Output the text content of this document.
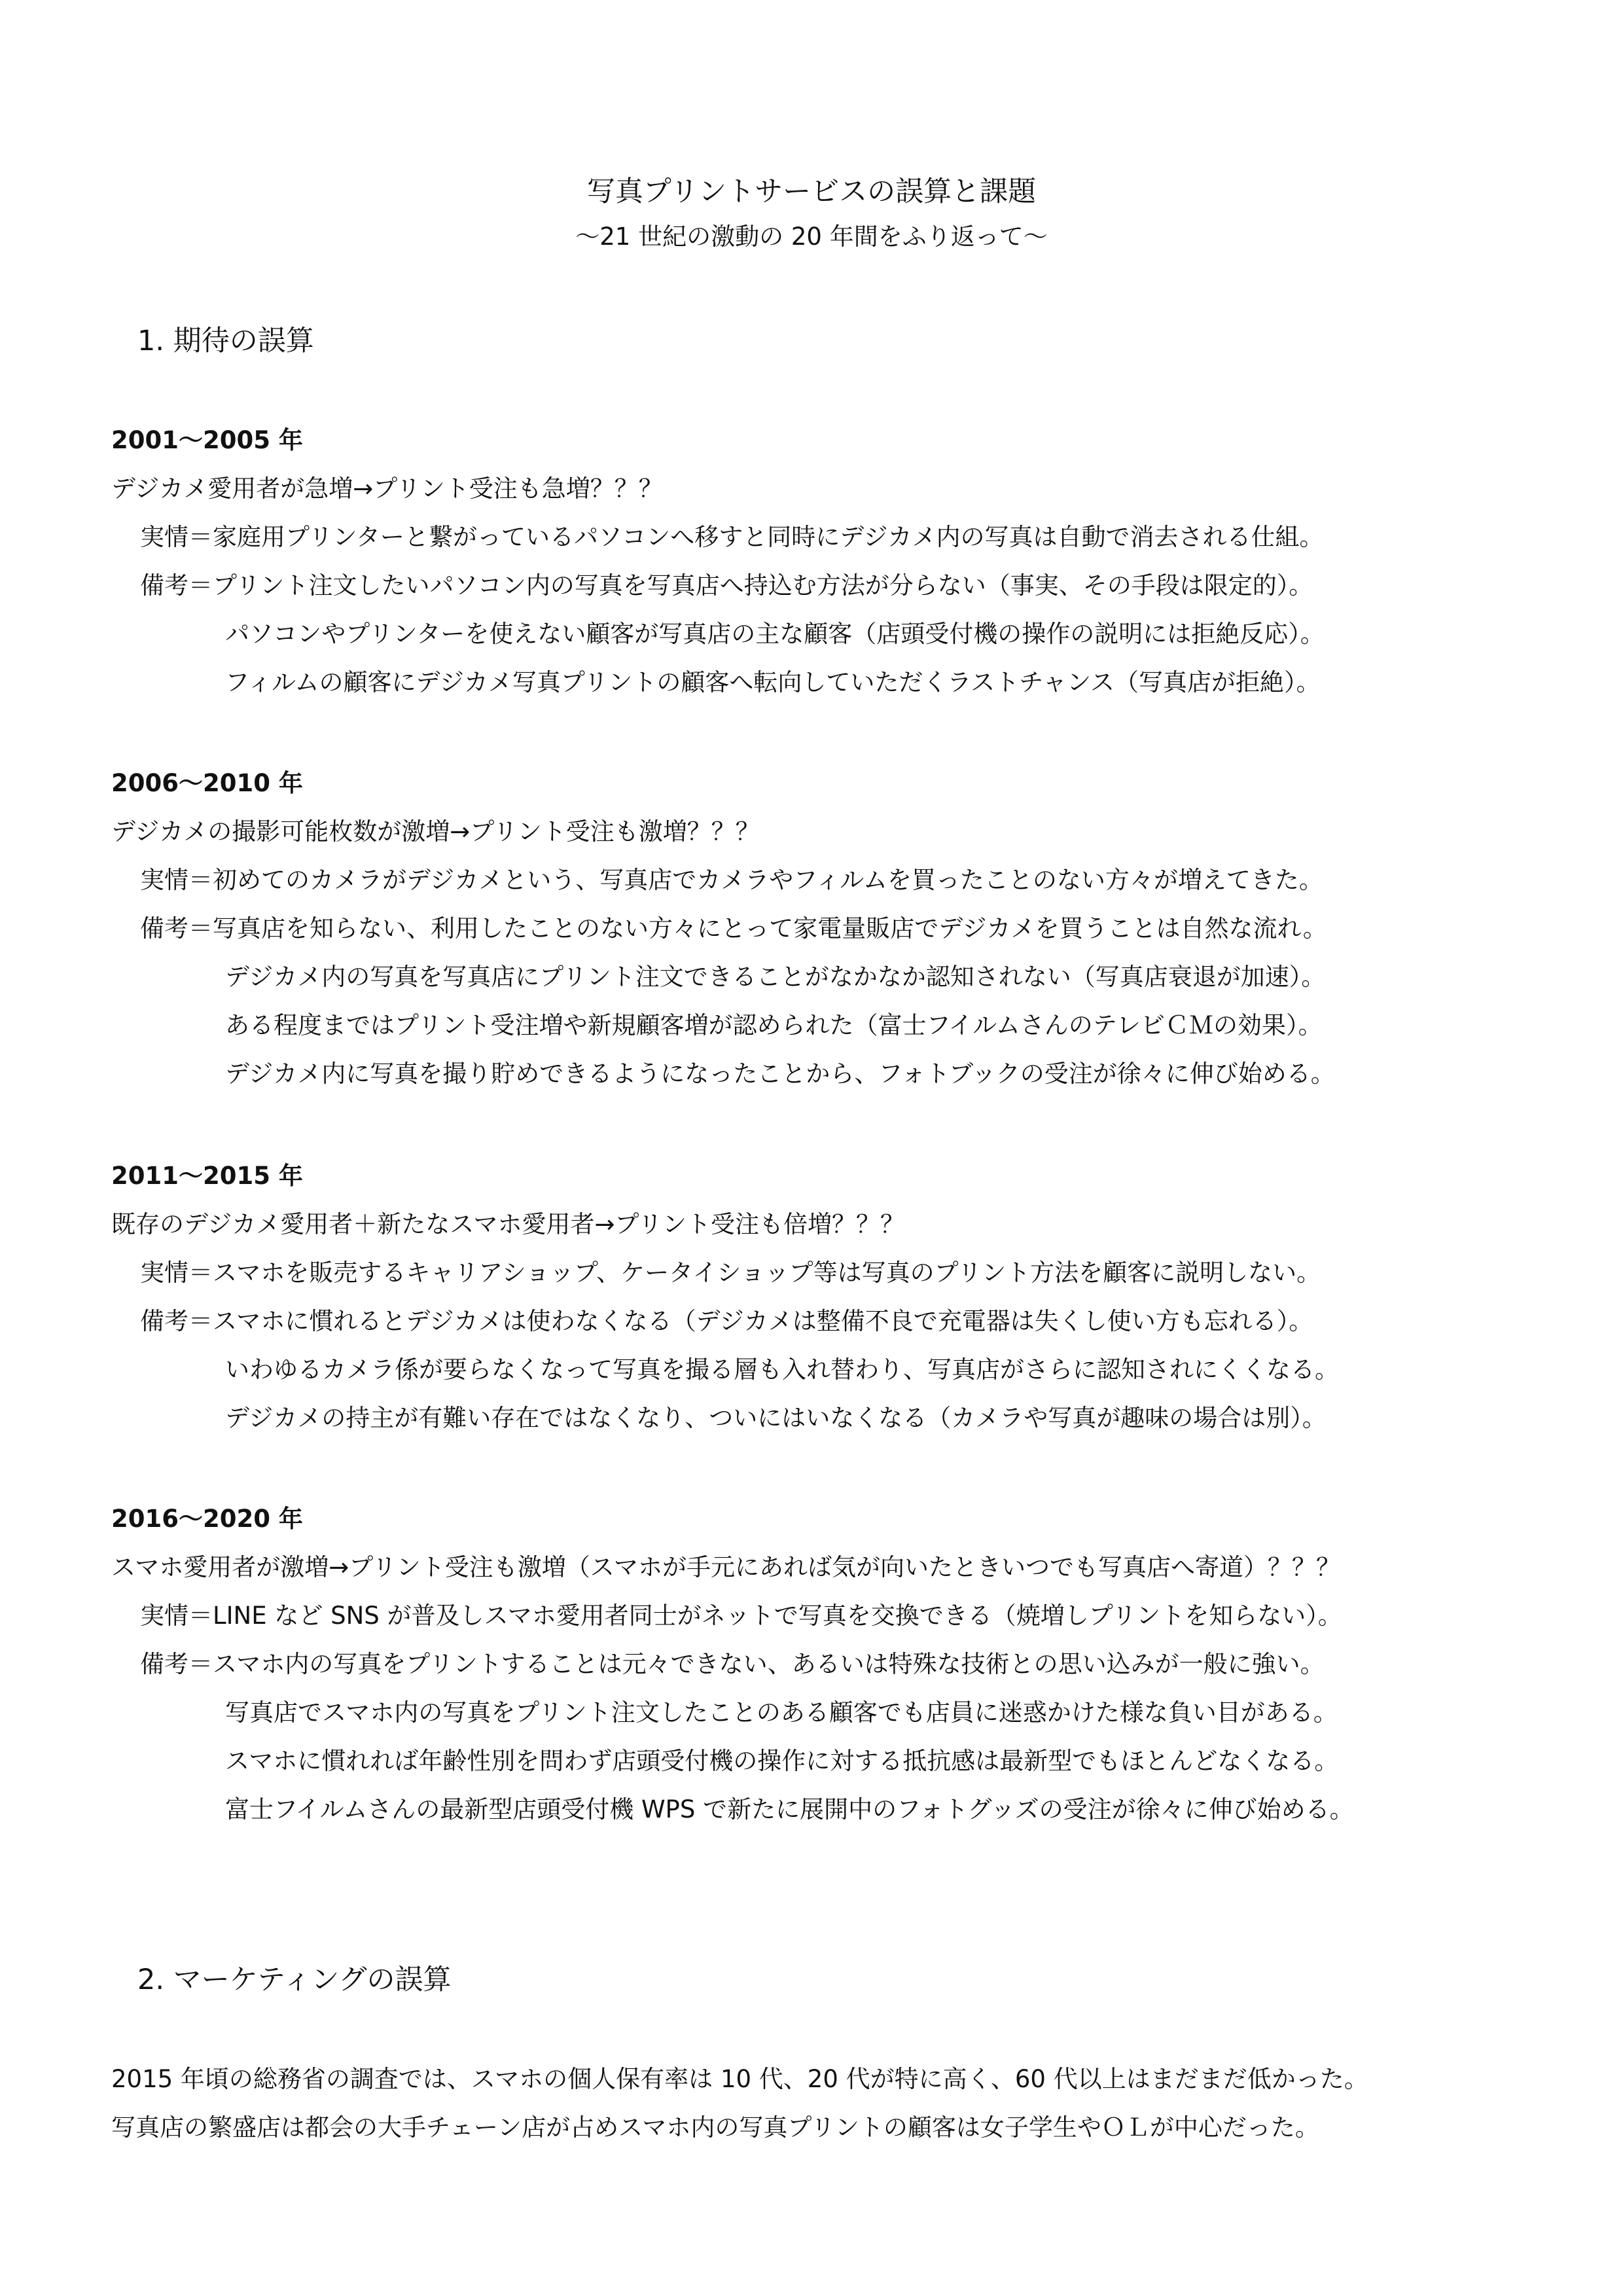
写真プリントサービスの誤算と課題
～21 世紀の激動の 20 年間をふり返って～
1. 期待の誤算
2001～2005 年
デジカメ愛用者が急増→プリント受注も急増？？？
実情＝家庭用プリンターと繋がっているパソコンへ移すと同時にデジカメ内の写真は自動で消去される仕組。
備考＝プリント注文したいパソコン内の写真を写真店へ持込む方法が分らない（事実、その手段は限定的）。
パソコンやプリンターを使えない顧客が写真店の主な顧客（店頭受付機の操作の説明には拒絶反応）。
フィルムの顧客にデジカメ写真プリントの顧客へ転向していただくラストチャンス（写真店が拒絶）。
2006～2010 年
デジカメの撮影可能枚数が激増→プリント受注も激増？？？
実情＝初めてのカメラがデジカメという、写真店でカメラやフィルムを買ったことのない方々が増えてきた。
備考＝写真店を知らない、利用したことのない方々にとって家電量販店でデジカメを買うことは自然な流れ。
デジカメ内の写真を写真店にプリント注文できることがなかなか認知されない（写真店衰退が加速）。
ある程度まではプリント受注増や新規顧客増が認められた（富士フイルムさんのテレビＣＭの効果）。
デジカメ内に写真を撮り貯めできるようになったことから、フォトブックの受注が徐々に伸び始める。
2011～2015 年
既存のデジカメ愛用者＋新たなスマホ愛用者→プリント受注も倍増？？？
実情＝スマホを販売するキャリアショップ、ケータイショップ等は写真のプリント方法を顧客に説明しない。
備考＝スマホに慣れるとデジカメは使わなくなる（デジカメは整備不良で充電器は失くし使い方も忘れる）。
いわゆるカメラ係が要らなくなって写真を撮る層も入れ替わり、写真店がさらに認知されにくくなる。
デジカメの持主が有難い存在ではなくなり、ついにはいなくなる（カメラや写真が趣味の場合は別）。
2016～2020 年
スマホ愛用者が激増→プリント受注も激増（スマホが手元にあれば気が向いたときいつでも写真店へ寄道）？？？
実情＝LINE など SNS が普及しスマホ愛用者同士がネットで写真を交換できる（焼増しプリントを知らない）。
備考＝スマホ内の写真をプリントすることは元々できない、あるいは特殊な技術との思い込みが一般に強い。
写真店でスマホ内の写真をプリント注文したことのある顧客でも店員に迷惑かけた様な負い目がある。
スマホに慣れれば年齢性別を問わず店頭受付機の操作に対する抵抗感は最新型でもほとんどなくなる。
富士フイルムさんの最新型店頭受付機 WPS で新たに展開中のフォトグッズの受注が徐々に伸び始める。
2. マーケティングの誤算
2015 年頃の総務省の調査では、スマホの個人保有率は 10 代、20 代が特に高く、60 代以上はまだまだ低かった。
写真店の繁盛店は都会の大手チェーン店が占めスマホ内の写真プリントの顧客は女子学生やＯＬが中心だった。
